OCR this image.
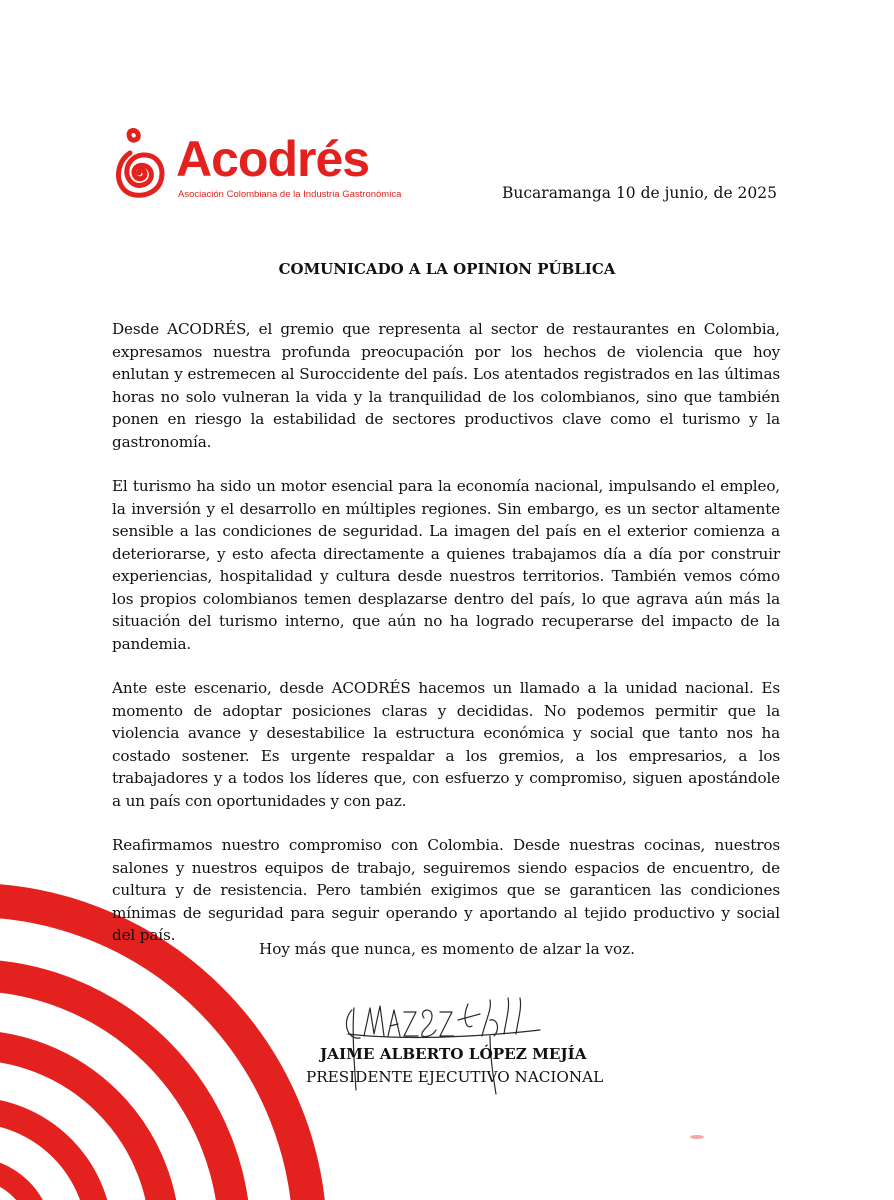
Acodrés
Asociación Colombiana de la Industria Gastronómica	Bucaramanga 10 de junio, de 2025
COMUNICADO A LA OPINION PÚBLICA

Desde ACODRÉS, el gremio que representa al sector de restaurantes en Colombia, expresamos nuestra profunda preocupación por los hechos de violencia que hoy enlutan y estremecen al Suroccidente del país. Los atentados registrados en las últimas horas no solo vulneran la vida y la tranquilidad de los colombianos, sino que también ponen en riesgo la estabilidad de sectores productivos clave como el turismo y la gastronomía.

El turismo ha sido un motor esencial para la economía nacional, impulsando el empleo, la inversión y el desarrollo en múltiples regiones. Sin embargo, es un sector altamente sensible a las condiciones de seguridad. La imagen del país en el exterior comienza a deteriorarse, y esto afecta directamente a quienes trabajamos día a día por construir experiencias, hospitalidad y cultura desde nuestros territorios. También vemos cómo los propios colombianos temen desplazarse dentro del país, lo que agrava aún más la situación del turismo interno, que aún no ha logrado recuperarse del impacto de la pandemia.

Ante este escenario, desde ACODRÉS hacemos un llamado a la unidad nacional. Es momento de adoptar posiciones claras y decididas. No podemos permitir que la violencia avance y desestabilice la estructura económica y social que tanto nos ha costado sostener. Es urgente respaldar a los gremios, a los empresarios, a los trabajadores y a todos los líderes que, con esfuerzo y compromiso, siguen apostándole a un país con oportunidades y con paz.

Reafirmamos nuestro compromiso con Colombia. Desde nuestras cocinas, nuestros salones y nuestros equipos de trabajo, seguiremos siendo espacios de encuentro, de cultura y de resistencia. Pero también exigimos que se garanticen las condiciones mínimas de seguridad para seguir operando y aportando al tejido productivo y social del país.

Hoy más que nunca, es momento de alzar la voz.
JAIME ALBERTO LÓPEZ MEJÍA
PRESIDENTE EJECUTIVO NACIONAL
